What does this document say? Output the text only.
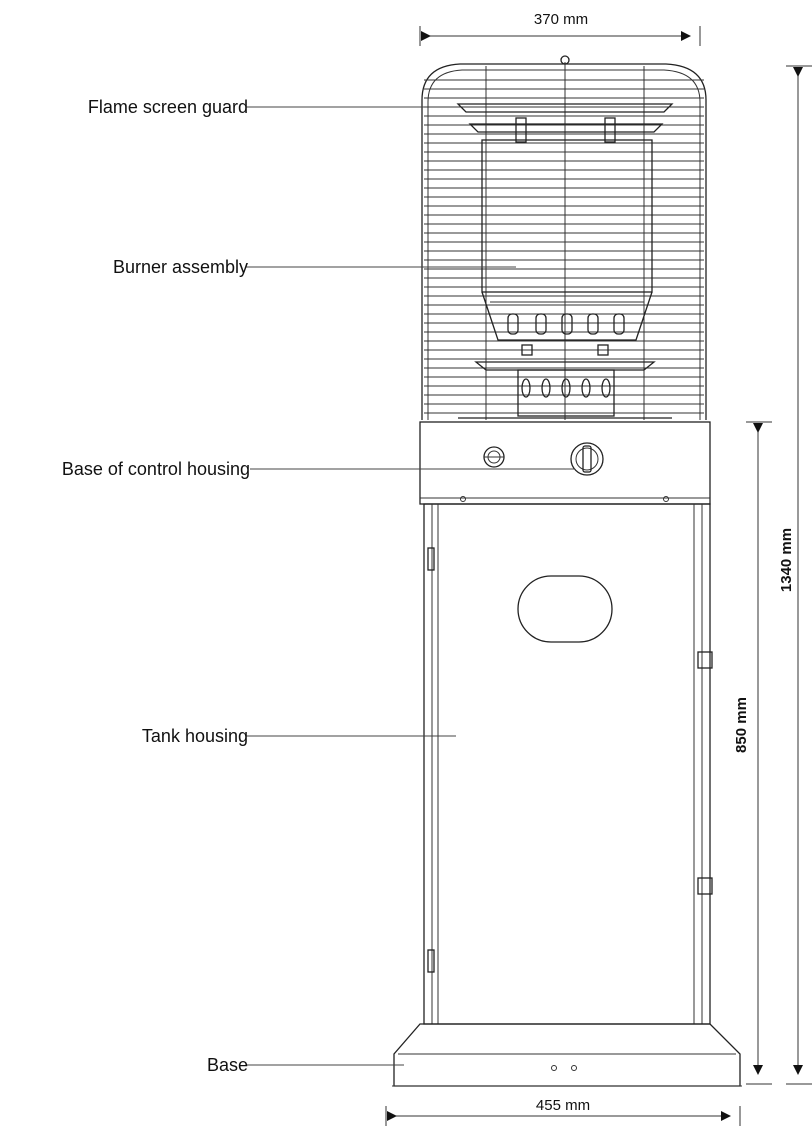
Flame screen guard
Burner assembly
Base of control housing
Tank housing
Base
370 mm
455 mm
1340 mm
850 mm
